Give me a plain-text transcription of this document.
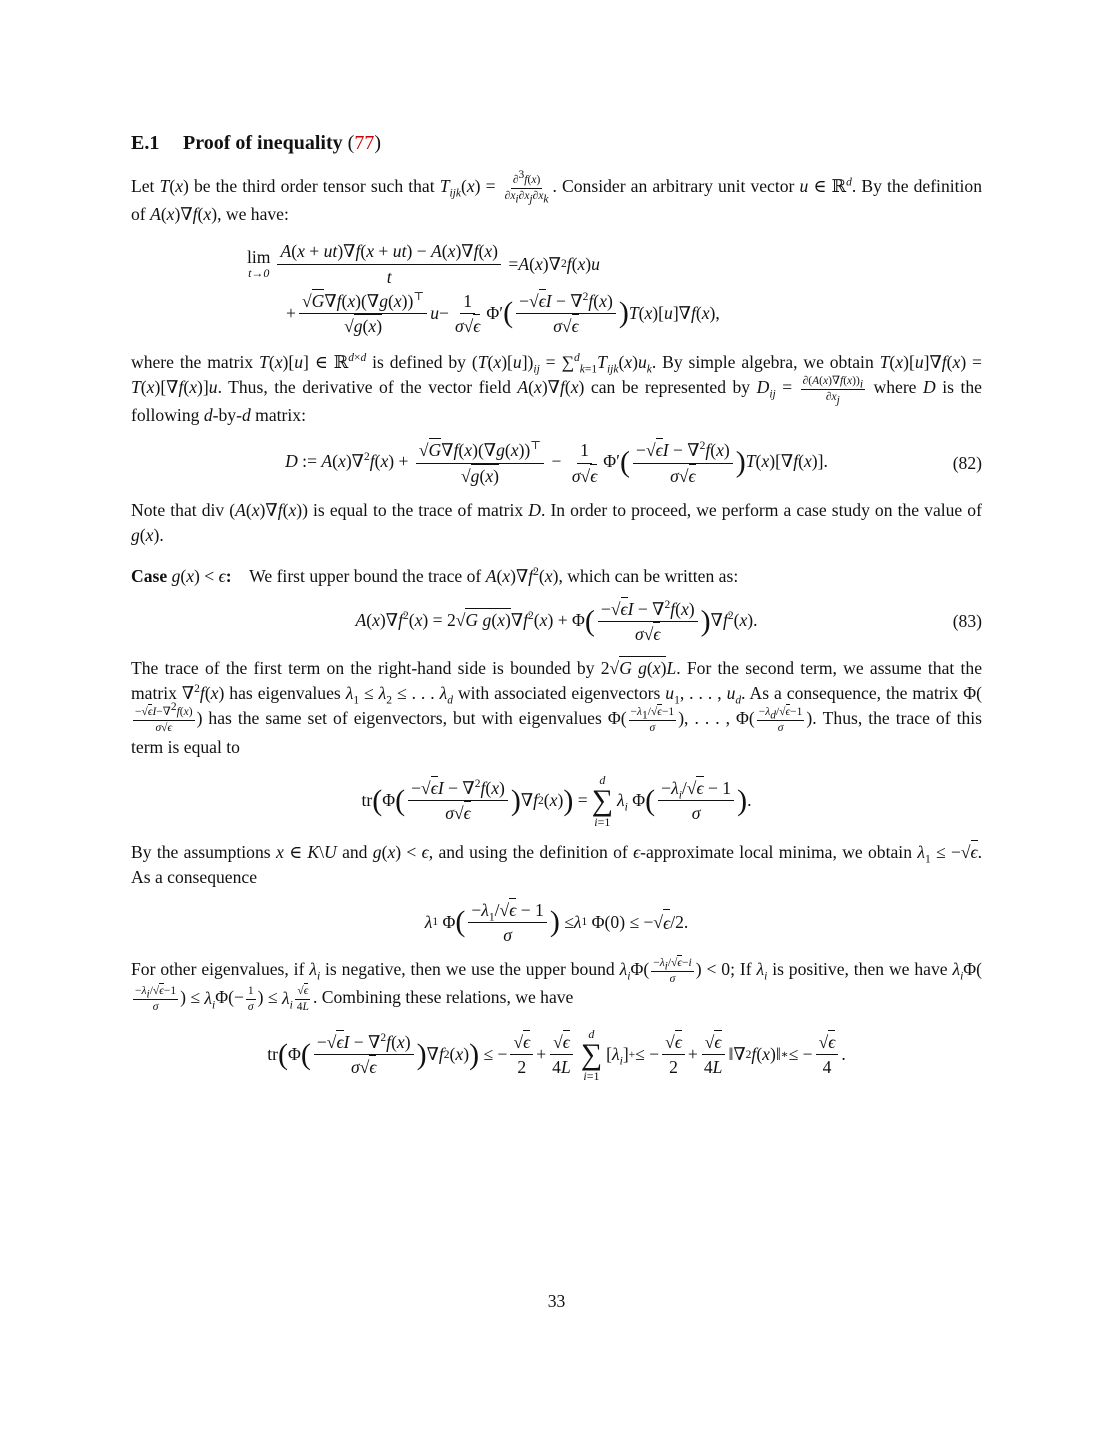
E.1 Proof of inequality (77)

Let T(x) be the third order tensor such that $T_{ijk}(x) = \frac{\partial^3f(x)}{\partial x_i\partial x_j\partial x_k}$ . Consider an arbitrary unit vector u ∈ ℝ$^d$. By the definition of A(x)∇f(x), we have:

lim
$t\to 0 \frac{A(x + ut)\nabla f(x + ut) - A(x)\nabla f(x)}{t} = A$ ( x )∇ 2 f ( x ) u
+ $\frac{√G\nabla f(x)(\nabla g(x))^⊤}{√g(x)}$ $u - \frac{1}{\sigma√\epsilon} \Phi'$ ( $\frac{-√\epsilon I - \nabla^2f(x)}{\sigma√\epsilon}$ ) T ( x )[ u ]∇ f ( x ),

where the matrix T(x)[u] ∈ ℝ$^{d\times d}$ is defined by $(T(x)[u])_{ij} = \sum^d_{k=1}T_{ijk}(x)u_k$. By simple algebra, we obtain T(x)[u]∇f(x) = T(x)[∇f(x)]u. Thus, the derivative of the vector field A(x)∇f(x) can be represented by $D_{ij} = \frac{\partial(A(x)\nabla f(x))_i}{\partial x_j}$ where D is the following d-by-d matrix:

D := $A(x)\nabla^2f(x) + \frac{√G\nabla f(x)(\nabla g(x))^⊤}{√g(x)} - \frac{1}{\sigma√\epsilon} \Phi'( \frac{-√\epsilon I - \nabla^2f(x)}{\sigma√\epsilon} )T(x)[\nabla f(x)]$.	(82)

Note that div (A(x)∇f(x)) is equal to the trace of matrix D. In order to proceed, we perform a case study on the value of g(x).

Case g(x) < ϵ: We first upper bound the trace of $A(x)\nabla f^2(x)$, which can be written as:

$A(x)\nabla f^2(x) = 2√G$ $g(x)\nabla f^2(x) + \Phi( \frac{-√\epsilon I - \nabla^2f(x)}{\sigma√\epsilon} )\nabla f^2(x)$.	(83)

The trace of the first term on the right-hand side is bounded by 2√G g(x)L. For the second term, we assume that the matrix ∇$^2$f(x) has eigenvalues $\lambda_1 \le \lambda_2$ ≤ . . . $\lambda_d$ with associated eigenvectors $u_1$, . . . , $u_d$. As a consequence, the matrix Φ(
$\frac{-√\epsilon I-\nabla^2f(x)}{\sigma√\epsilon}$ ) has the same set of eigenvectors, but with eigenvalues $\Phi( \frac{-\lambda_1/√\epsilon-1}{\sigma}$ ), . . . , $\Phi( \frac{-\lambda_d/√\epsilon-1}{\sigma}$ ). Thus, the trace of this term is equal to

tr ( Φ ( $\frac{-√\epsilon I - \nabla^2f(x)}{\sigma√\epsilon}$ ) ∇ f 2 ( x ) ) =
d
∑
i=1
$\lambda_i$ Φ ( $\frac{-\lambda_i/√\epsilon - 1}{\sigma}$ ) .

By the assumptions x ∈ K\U and g(x) < ϵ, and using the definition of ϵ-approximate local minima, we obtain $\lambda_1 \le -√\epsilon$. As a consequence

λ 1 Φ ( $\frac{-\lambda_1/√\epsilon - 1}{\sigma}$ ) ≤ λ 1 Φ(0) ≤ −√ ϵ /2.

For other eigenvalues, if $\lambda_i$ is negative, then we use the upper bound $\lambda_i\Phi( \frac{-\lambda_i/√\epsilon-i}{\sigma}$ ) < 0; If $\lambda_i$ is positive, then we have $\lambda_i\Phi$(
$\frac{-\lambda_i/√\epsilon-1}{\sigma}$ ) ≤ $\lambda_i\Phi(- \frac{1}{\sigma}$ ) ≤ $\lambda_i \frac{√\epsilon}{4L}$ . Combining these relations, we have

tr ( Φ ( $\frac{-√\epsilon I - \nabla^2f(x)}{\sigma√\epsilon}$ ) ∇ f 2 ( x ) ) ≤ − $\frac{√\epsilon}{2} + \frac{√\epsilon}{4L}$ d
∑
i=1
[ $\lambda_i$ ] + ≤ − $\frac{√\epsilon}{2} + \frac{√\epsilon}{4L}$ ‖∇ 2 f ( x )‖ ∗ ≤ − $\frac{√\epsilon}{4}$ .
33
